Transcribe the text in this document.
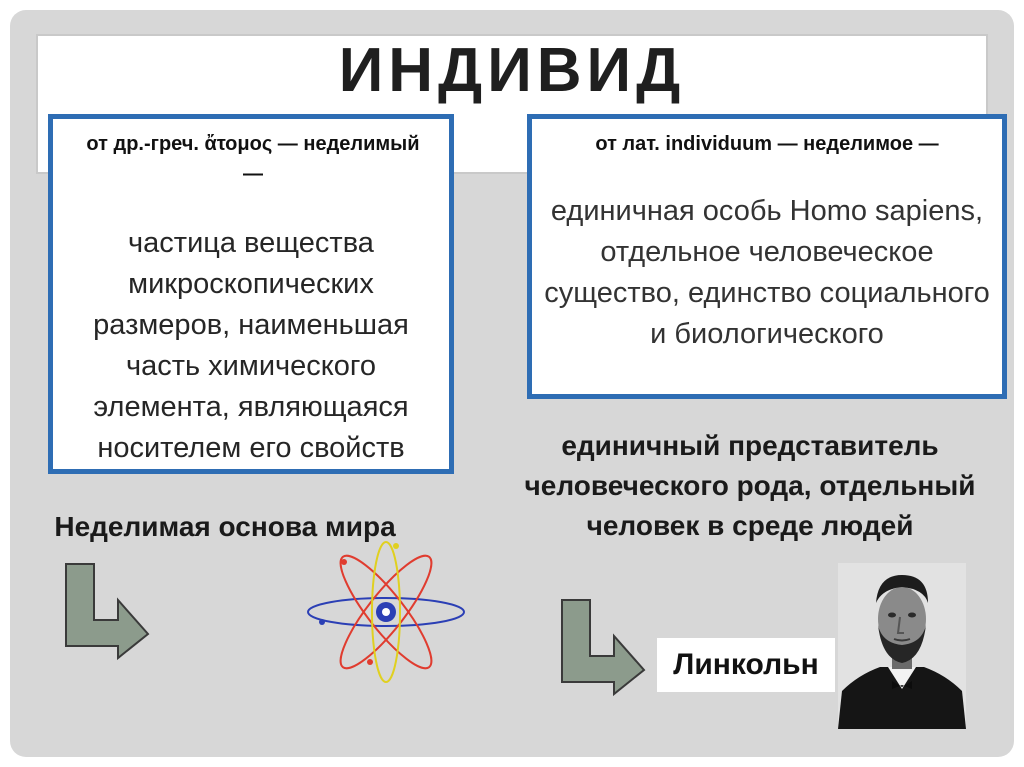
ИНДИВИД
от др.-греч. ἄτομος — неделимый —
частица вещества микроскопических размеров, наименьшая часть химического элемента, являющаяся носителем его свойств
от лат. individuum — неделимое —
единичная особь Homo sapiens, отдельное человеческое существо, единство социального и биологического
Неделимая основа мира
единичный представитель человеческого рода, отдельный человек в среде людей
Линкольн
